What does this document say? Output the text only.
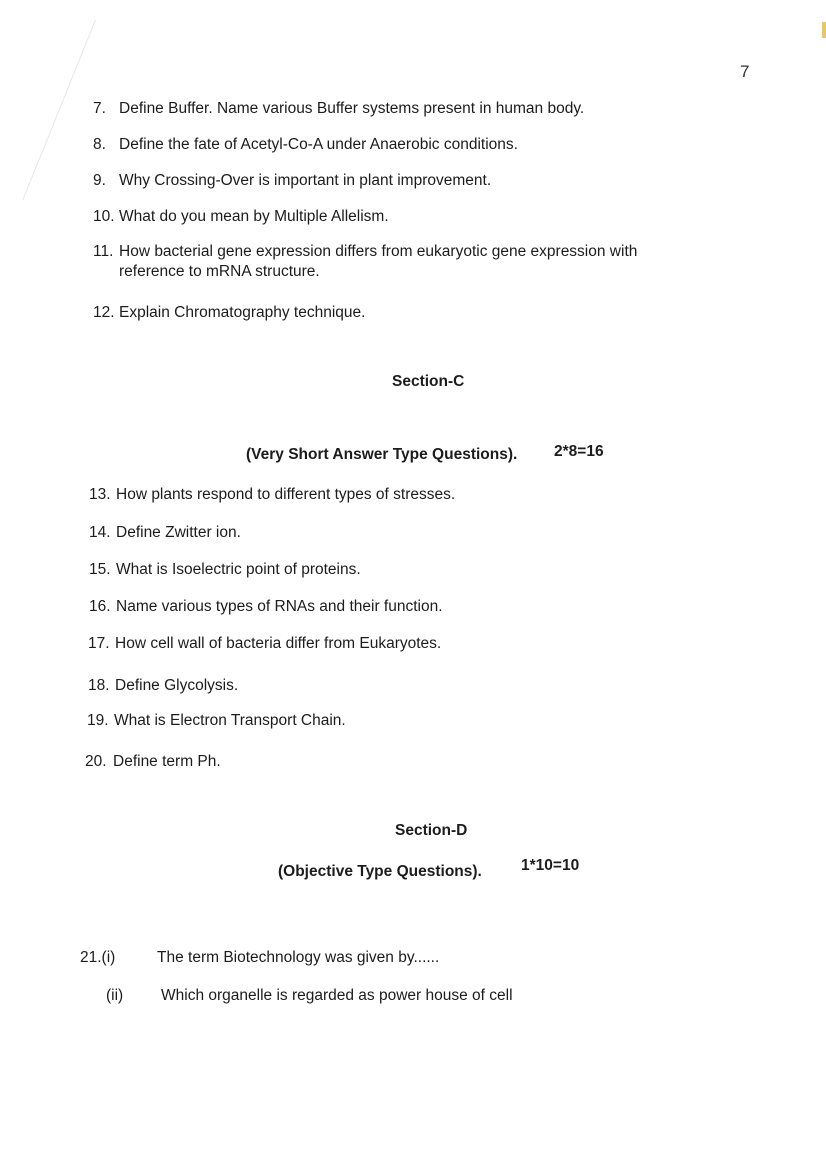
7
7. Define Buffer. Name various Buffer systems present in human body.
8. Define the fate of Acetyl-Co-A under Anaerobic conditions.
9. Why Crossing-Over is important in plant improvement.
10. What do you mean by Multiple Allelism.
11. How bacterial gene expression differs from eukaryotic gene expression with reference to mRNA structure.
12. Explain Chromatography technique.
Section-C
(Very Short Answer Type Questions). 2*8=16
13. How plants respond to different types of stresses.
14. Define Zwitter ion.
15. What is Isoelectric point of proteins.
16. Name various types of RNAs and their function.
17. How cell wall of bacteria differ from Eukaryotes.
18. Define Glycolysis.
19. What is Electron Transport Chain.
20. Define term Ph.
Section-D
(Objective Type Questions).	1*10=10
21.(i)	The term Biotechnology was given by......
(ii) Which organelle is regarded as power house of cell
